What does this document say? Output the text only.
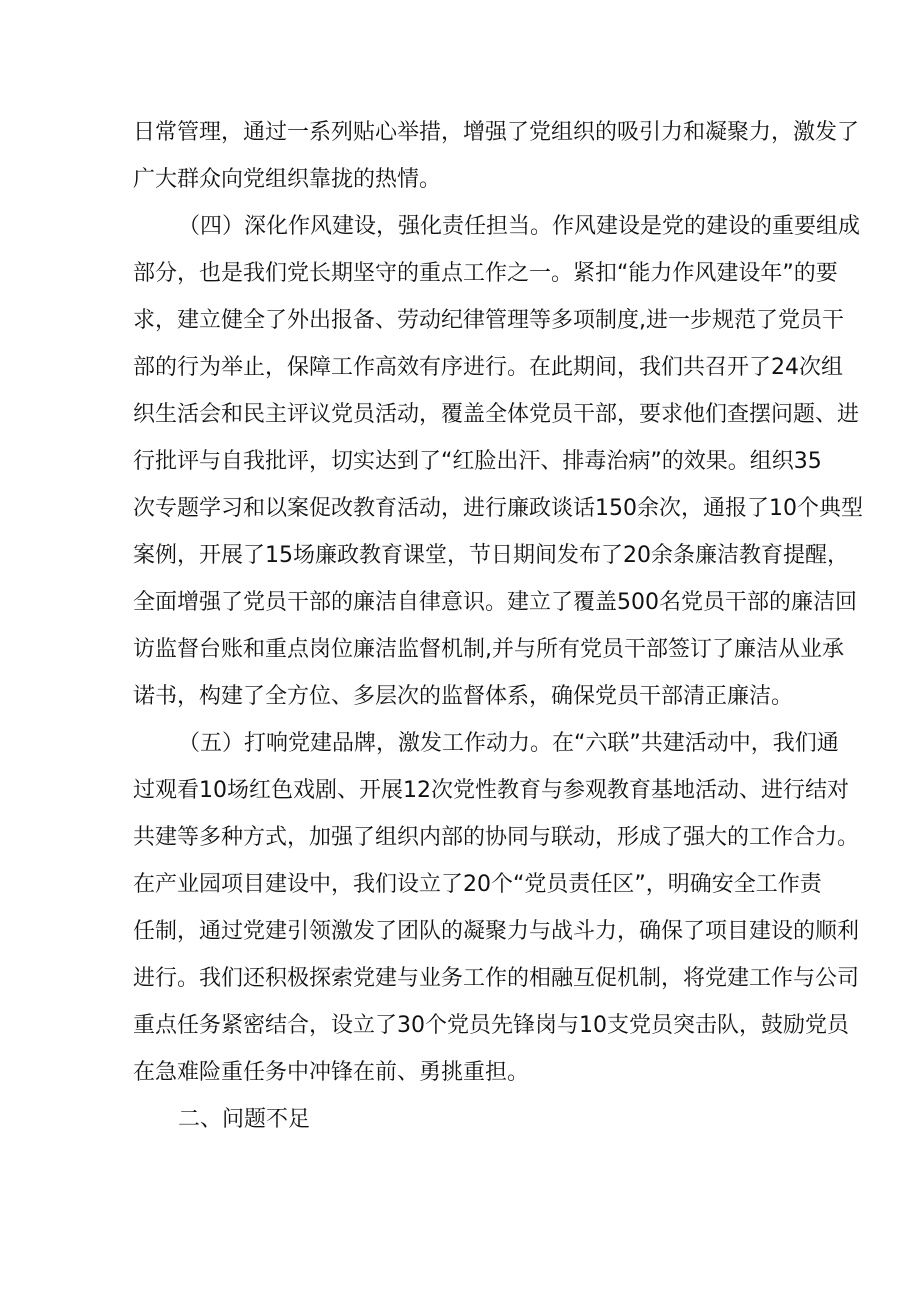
日常管理，通过一系列贴心举措，增强了党组织的吸引力和凝聚力，激发了
广大群众向党组织靠拢的热情。
（四）深化作风建设，强化责任担当。作风建设是党的建设的重要组成
部分，也是我们党长期坚守的重点工作之一。紧扣“能力作风建设年”的要
求，建立健全了外出报备、劳动纪律管理等多项制度,进一步规范了党员干
部的行为举止，保障工作高效有序进行。在此期间，我们共召开了24次组
织生活会和民主评议党员活动，覆盖全体党员干部，要求他们查摆问题、进
行批评与自我批评，切实达到了“红脸出汗、排毒治病”的效果。组织35
次专题学习和以案促改教育活动，进行廉政谈话150余次，通报了10个典型
案例，开展了15场廉政教育课堂，节日期间发布了20余条廉洁教育提醒，
全面增强了党员干部的廉洁自律意识。建立了覆盖500名党员干部的廉洁回
访监督台账和重点岗位廉洁监督机制,并与所有党员干部签订了廉洁从业承
诺书，构建了全方位、多层次的监督体系，确保党员干部清正廉洁。
（五）打响党建品牌，激发工作动力。在“六联”共建活动中，我们通
过观看10场红色戏剧、开展12次党性教育与参观教育基地活动、进行结对
共建等多种方式，加强了组织内部的协同与联动，形成了强大的工作合力。
在产业园项目建设中，我们设立了20个“党员责任区”，明确安全工作责
任制，通过党建引领激发了团队的凝聚力与战斗力，确保了项目建设的顺利
进行。我们还积极探索党建与业务工作的相融互促机制，将党建工作与公司
重点任务紧密结合，设立了30个党员先锋岗与10支党员突击队，鼓励党员
在急难险重任务中冲锋在前、勇挑重担。
二、问题不足
